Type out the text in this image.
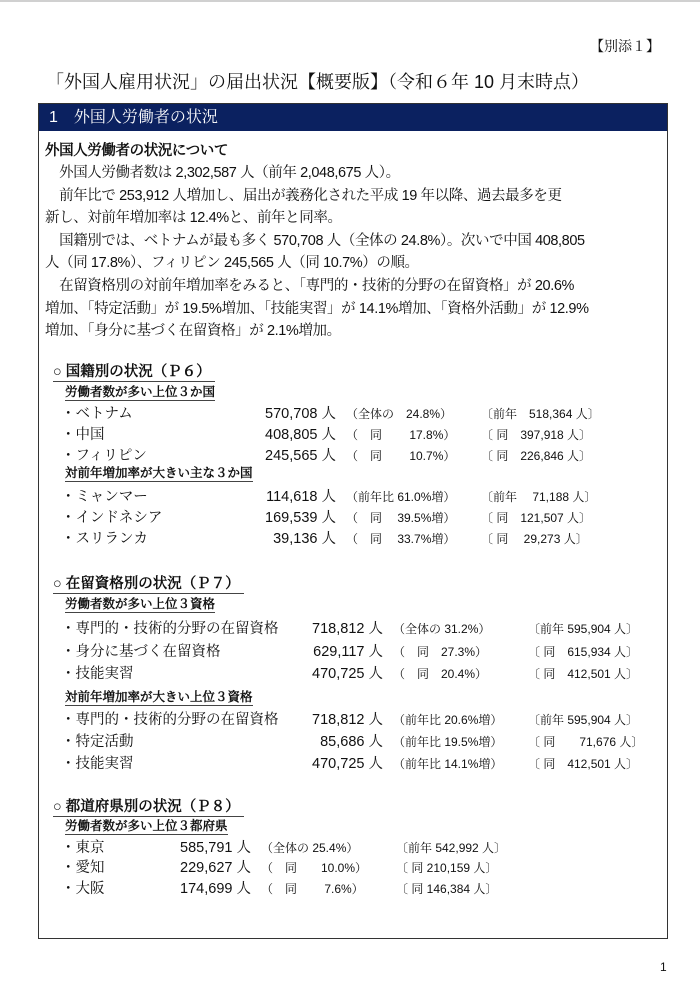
【別添１】
「外国人雇用状況」の届出状況【概要版】（令和６年 10 月末時点）
1　外国人労働者の状況
外国人労働者の状況について
　外国人労働者数は 2,302,587 人（前年 2,048,675 人）。
　前年比で 253,912 人増加し、届出が義務化された平成 19 年以降、過去最多を更
新し、対前年増加率は 12.4%と、前年と同率。
　国籍別では、ベトナムが最も多く 570,708 人（全体の 24.8%）。次いで中国 408,805
人（同 17.8%）、フィリピン 245,565 人（同 10.7%）の順。
　在留資格別の対前年増加率をみると、「専門的・技術的分野の在留資格」が 20.6%
増加、「特定活動」が 19.5%増加、「技能実習」が 14.1%増加、「資格外活動」が 12.9%
増加、「身分に基づく在留資格」が 2.1%増加。
○ 国籍別の状況（Ｐ６）
労働者数が多い上位３か国
・ベトナム	570,708 人 （全体の　24.8%）	〔前年　518,364 人〕
・中国	408,805 人 （　同　　 17.8%）	〔 同　397,918 人〕
・フィリピン	245,565 人 （　同　　 10.7%）	〔 同　226,846 人〕
対前年増加率が大きい主な３か国
・ミャンマー	114,618 人 （前年比 61.0%増）	〔前年　 71,188 人〕
・インドネシア	169,539 人 （　同　 39.5%増）	〔 同　121,507 人〕
・スリランカ	39,136 人 （　同　 33.7%増）	〔 同　 29,273 人〕
○ 在留資格別の状況（Ｐ７）
労働者数が多い上位３資格
・専門的・技術的分野の在留資格	718,812 人 （全体の 31.2%）	〔前年 595,904 人〕
・身分に基づく在留資格	629,117 人 （　同　27.3%）	〔 同　615,934 人〕
・技能実習	470,725 人 （　同　20.4%）	〔 同　412,501 人〕
対前年増加率が大きい上位３資格
・専門的・技術的分野の在留資格	718,812 人 （前年比 20.6%増）	〔前年 595,904 人〕
・特定活動	85,686 人 （前年比 19.5%増）	〔 同　　71,676 人〕
・技能実習	470,725 人 （前年比 14.1%増）	〔 同　412,501 人〕
○ 都道府県別の状況（Ｐ８）
労働者数が多い上位３都府県
・東京	585,791 人 （全体の 25.4%）	〔前年 542,992 人〕
・愛知	229,627 人 （　同　　10.0%）	〔 同 210,159 人〕
・大阪	174,699 人 （　同　　 7.6%）	〔 同 146,384 人〕
1
